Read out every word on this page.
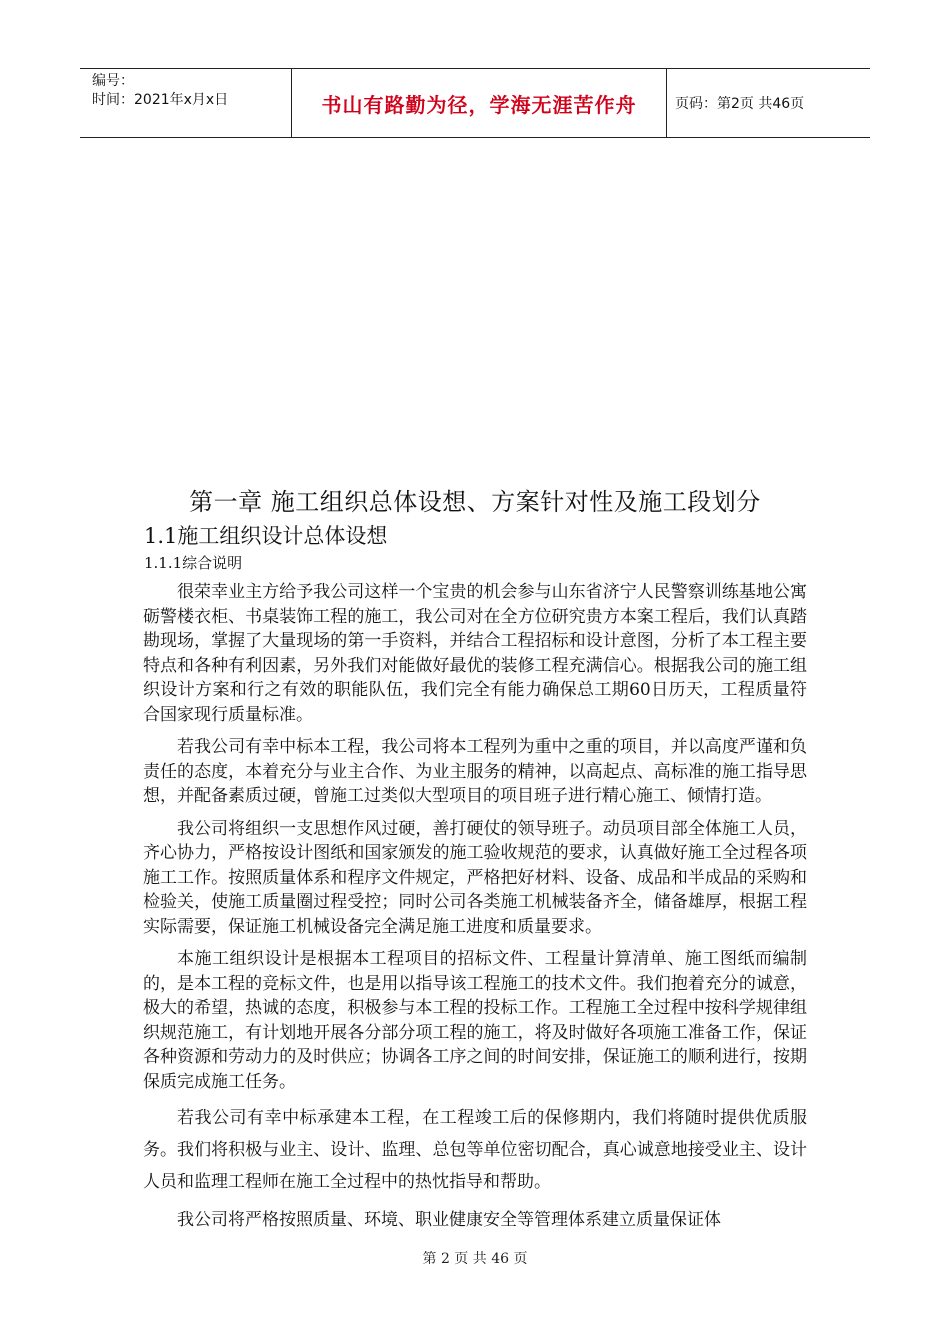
编号：
时间：2021年x月x日	书山有路勤为径，学海无涯苦作舟	页码：第2页 共46页
第一章 施工组织总体设想、方案针对性及施工段划分
1.1施工组织设计总体设想
1.1.1综合说明

很荣幸业主方给予我公司这样一个宝贵的机会参与山东省济宁人民警察训练基地公寓砺警楼衣柜、书桌装饰工程的施工，我公司对在全方位研究贵方本案工程后，我们认真踏勘现场，掌握了大量现场的第一手资料，并结合工程招标和设计意图，分析了本工程主要特点和各种有利因素，另外我们对能做好最优的装修工程充满信心。根据我公司的施工组织设计方案和行之有效的职能队伍，我们完全有能力确保总工期60日历天，工程质量符合国家现行质量标准。

若我公司有幸中标本工程，我公司将本工程列为重中之重的项目，并以高度严谨和负责任的态度，本着充分与业主合作、为业主服务的精神，以高起点、高标准的施工指导思想，并配备素质过硬，曾施工过类似大型项目的项目班子进行精心施工、倾情打造。

我公司将组织一支思想作风过硬，善打硬仗的领导班子。动员项目部全体施工人员，齐心协力，严格按设计图纸和国家颁发的施工验收规范的要求，认真做好施工全过程各项施工工作。按照质量体系和程序文件规定，严格把好材料、设备、成品和半成品的采购和检验关，使施工质量圈过程受控；同时公司各类施工机械装备齐全，储备雄厚，根据工程实际需要，保证施工机械设备完全满足施工进度和质量要求。

本施工组织设计是根据本工程项目的招标文件、工程量计算清单、施工图纸而编制的，是本工程的竞标文件，也是用以指导该工程施工的技术文件。我们抱着充分的诚意，极大的希望，热诚的态度，积极参与本工程的投标工作。工程施工全过程中按科学规律组织规范施工，有计划地开展各分部分项工程的施工，将及时做好各项施工准备工作，保证各种资源和劳动力的及时供应；协调各工序之间的时间安排，保证施工的顺利进行，按期保质完成施工任务。

若我公司有幸中标承建本工程，在工程竣工后的保修期内，我们将随时提供优质服务。我们将积极与业主、设计、监理、总包等单位密切配合，真心诚意地接受业主、设计人员和监理工程师在施工全过程中的热忱指导和帮助。

我公司将严格按照质量、环境、职业健康安全等管理体系建立质量保证体

第 2 页 共 46 页
